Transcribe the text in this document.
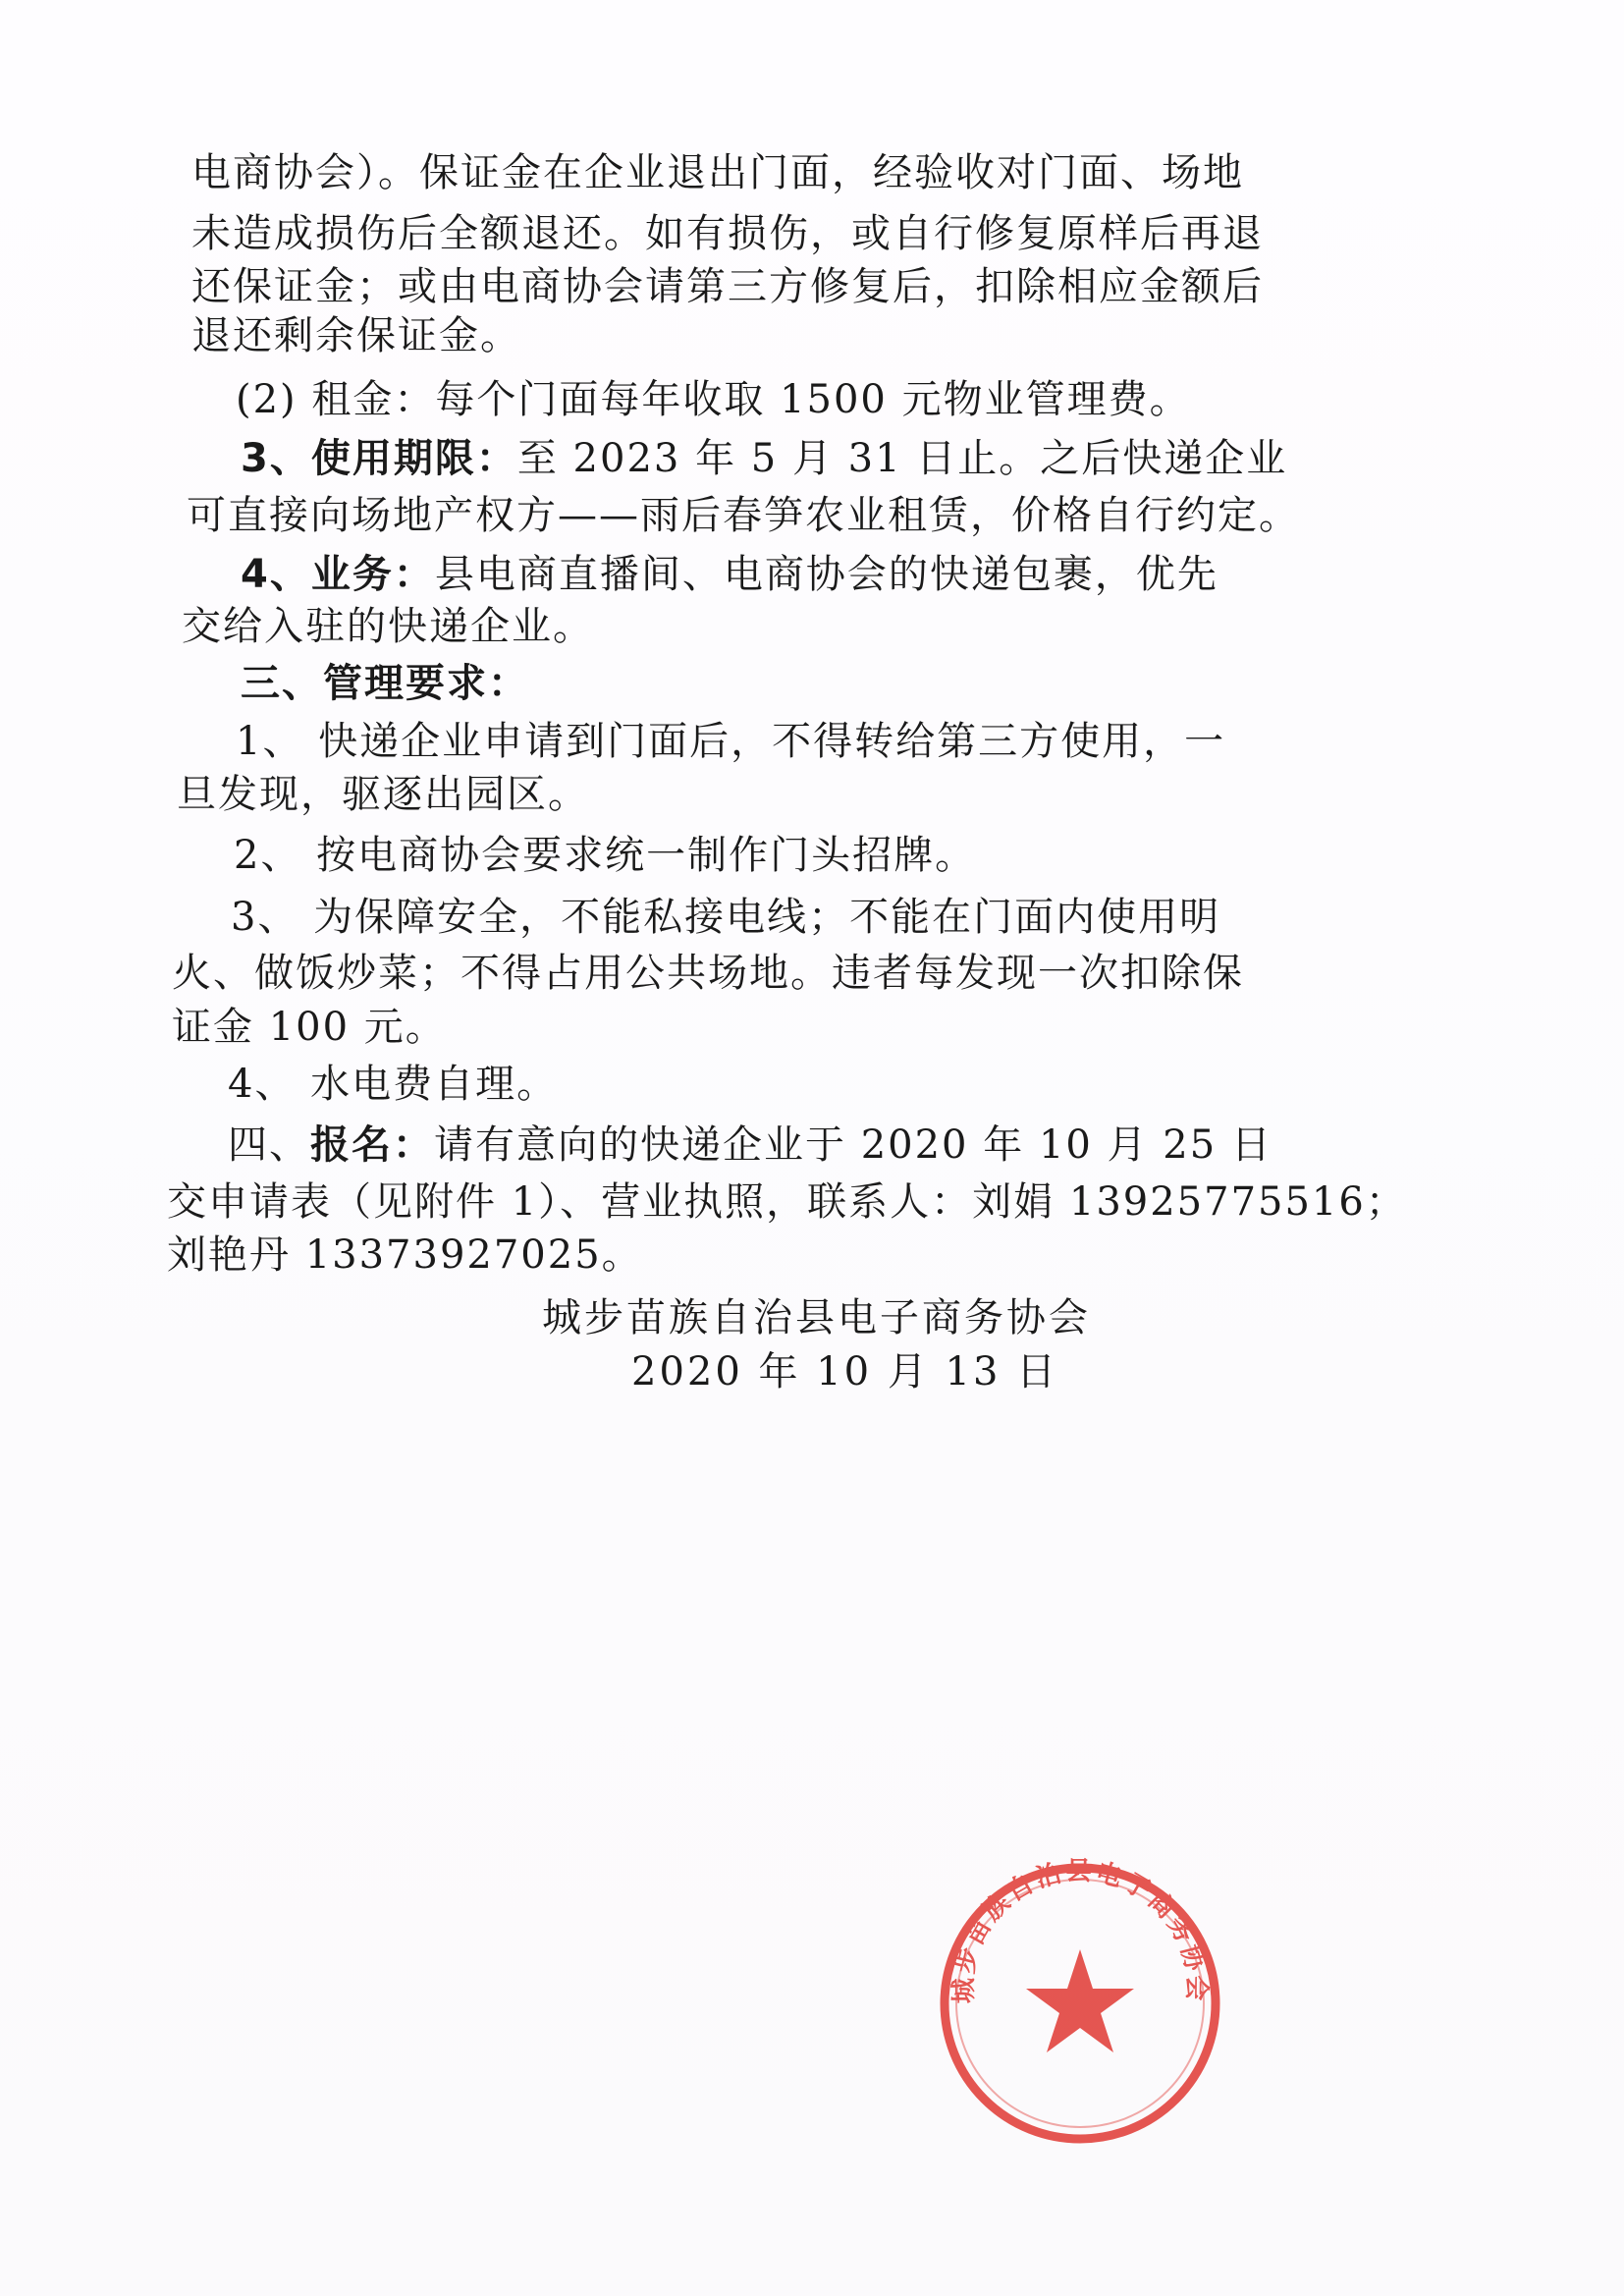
电商协会）。保证金在企业退出门面，经验收对门面、场地
未造成损伤后全额退还。如有损伤，或自行修复原样后再退
还保证金；或由电商协会请第三方修复后，扣除相应金额后
退还剩余保证金。
(2) 租金：每个门面每年收取 1500 元物业管理费。
3、使用期限：至 2023 年 5 月 31 日止。之后快递企业
可直接向场地产权方——雨后春笋农业租赁，价格自行约定。
4、业务：县电商直播间、电商协会的快递包裹，优先
交给入驻的快递企业。
三、管理要求：
1、 快递企业申请到门面后，不得转给第三方使用，一
旦发现，驱逐出园区。
2、 按电商协会要求统一制作门头招牌。
3、 为保障安全，不能私接电线；不能在门面内使用明
火、做饭炒菜；不得占用公共场地。违者每发现一次扣除保
证金 100 元。
4、 水电费自理。
四、报名：请有意向的快递企业于 2020 年 10 月 25 日
交申请表（见附件 1）、营业执照，联系人：刘娟 13925775516；
刘艳丹 13373927025。
城步苗族自治县电子商务协会
城步苗族自治县电子商务协会
2020 年 10 月 13 日
